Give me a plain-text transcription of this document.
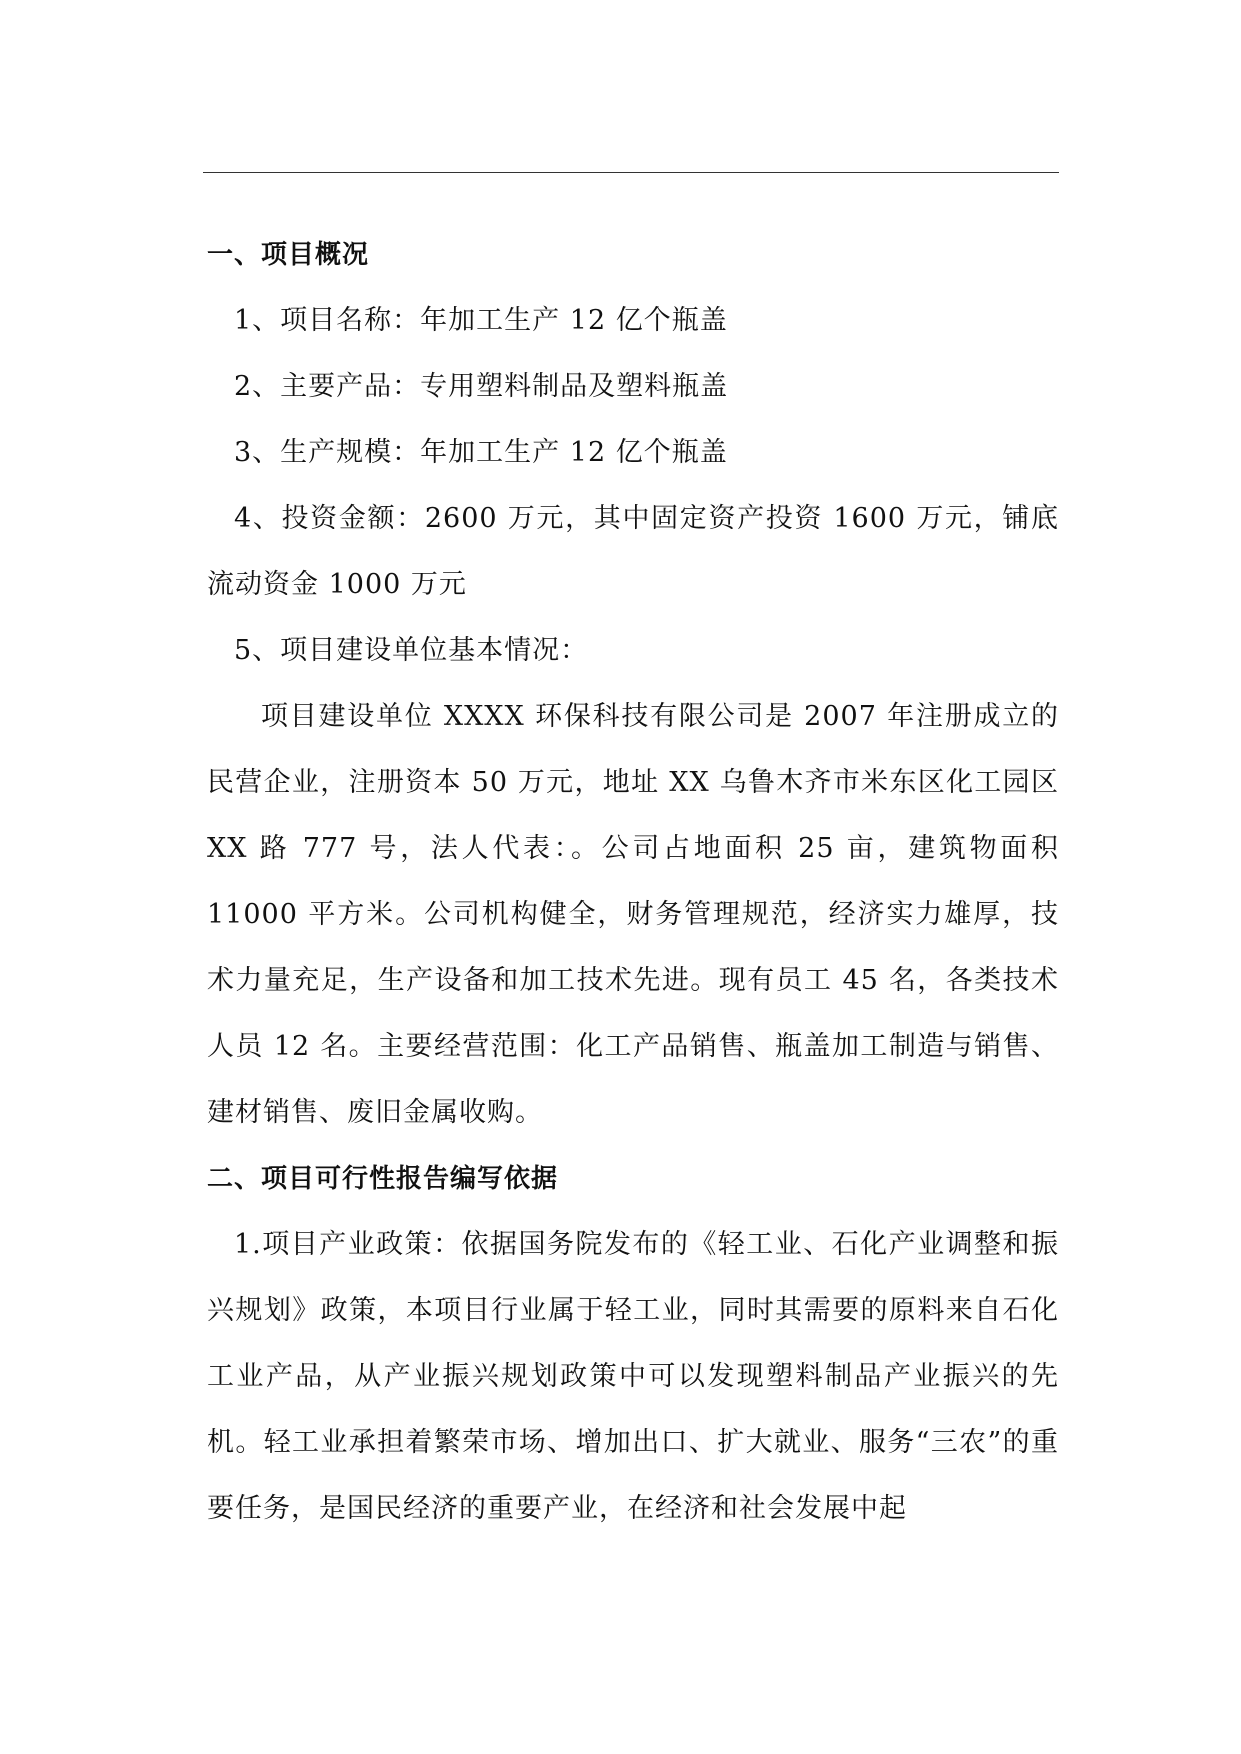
一、项目概况

1、项目名称：年加工生产 12 亿个瓶盖

2、主要产品：专用塑料制品及塑料瓶盖

3、生产规模：年加工生产 12 亿个瓶盖

4、投资金额：2600 万元，其中固定资产投资 1600 万元，铺底流动资金 1000 万元

5、项目建设单位基本情况：

项目建设单位 XXXX 环保科技有限公司是 2007 年注册成立的民营企业，注册资本 50 万元，地址 XX 乌鲁木齐市米东区化工园区 XX 路 777 号，法人代表：。公司占地面积 25 亩，建筑物面积 11000 平方米。公司机构健全，财务管理规范，经济实力雄厚，技术力量充足，生产设备和加工技术先进。现有员工 45 名，各类技术人员 12 名。主要经营范围：化工产品销售、瓶盖加工制造与销售、建材销售、废旧金属收购。

二、项目可行性报告编写依据

1.项目产业政策：依据国务院发布的《轻工业、石化产业调整和振兴规划》政策，本项目行业属于轻工业，同时其需要的原料来自石化工业产品，从产业振兴规划政策中可以发现塑料制品产业振兴的先机。轻工业承担着繁荣市场、增加出口、扩大就业、服务“三农”的重要任务，是国民经济的重要产业，在经济和社会发展中起
